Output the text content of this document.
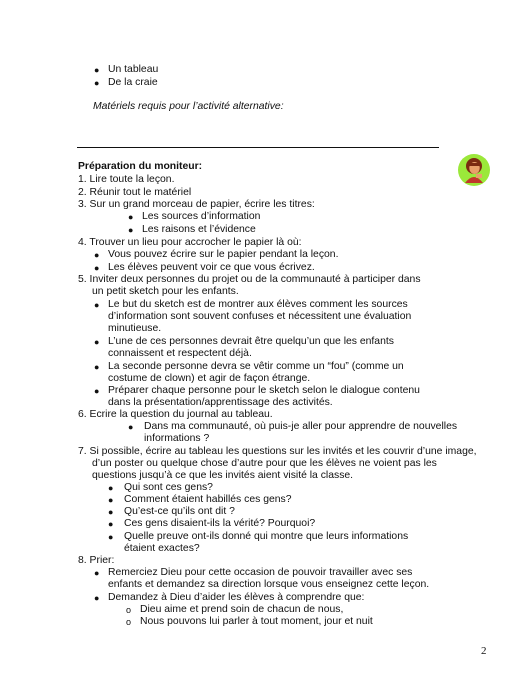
● Un tableau
● De la craie
Matériels requis pour l’activité alternative:
Préparation du moniteur:
1. Lire toute la leçon.
2. Réunir tout le matériel
3. Sur un grand morceau de papier, écrire les titres:
● Les sources d’information
● Les raisons et l’évidence
4. Trouver un lieu pour accrocher le papier là où:
● Vous pouvez écrire sur le papier pendant la leçon.
● Les élèves peuvent voir ce que vous écrivez.
5. Inviter deux personnes du projet ou de la communauté à participer dans
un petit sketch pour les enfants.
● Le but du sketch est de montrer aux élèves comment les sources
d’information sont souvent confuses et nécessitent une évaluation
minutieuse.
● L’une de ces personnes devrait être quelqu’un que les enfants
connaissent et respectent déjà.
● La seconde personne devra se vêtir comme un “fou” (comme un
costume de clown) et agir de façon étrange.
● Préparer chaque personne pour le sketch selon le dialogue contenu
dans la présentation/apprentissage des activités.
6. Ecrire la question du journal au tableau.
● Dans ma communauté, où puis-je aller pour apprendre de nouvelles
informations ?
7. Si possible, écrire au tableau les questions sur les invités et les couvrir d’une image,
d’un poster ou quelque chose d’autre pour que les élèves ne voient pas les
questions jusqu’à ce que les invités aient visité la classe.
● Qui sont ces gens?
● Comment étaient habillés ces gens?
● Qu’est-ce qu’ils ont dit ?
● Ces gens disaient-ils la vérité? Pourquoi?
● Quelle preuve ont-ils donné qui montre que leurs informations
étaient exactes?
8. Prier:
● Remerciez Dieu pour cette occasion de pouvoir travailler avec ses
enfants et demandez sa direction lorsque vous enseignez cette leçon.
● Demandez à Dieu d’aider les élèves à comprendre que:
o Dieu aime et prend soin de chacun de nous,
o Nous pouvons lui parler à tout moment, jour et nuit
2
